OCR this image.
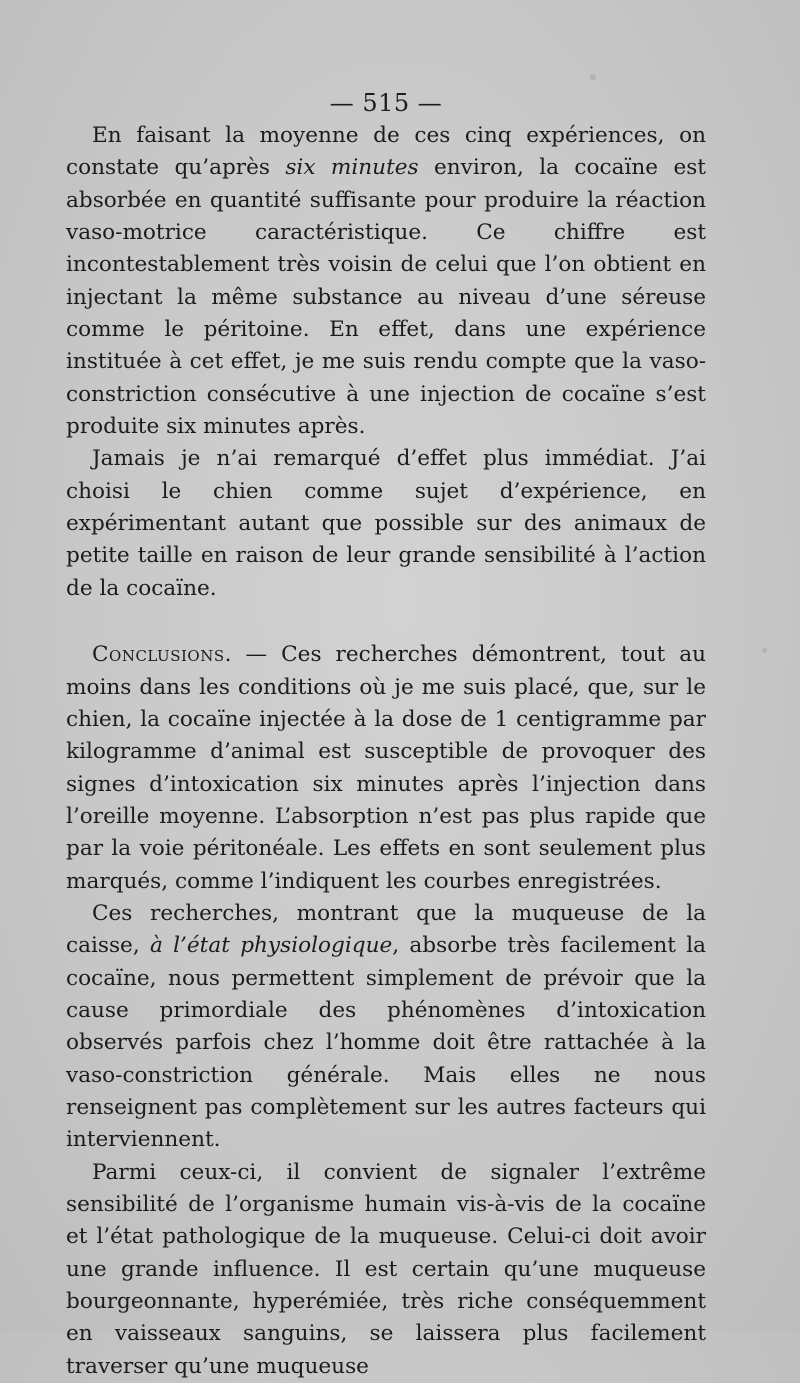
— 515 —

En faisant la moyenne de ces cinq expériences, on constate qu’après six minutes environ, la cocaïne est absorbée en quantité suffisante pour produire la réaction vaso-motrice caractéristique. Ce chiffre est incontestablement très voisin de celui que l’on obtient en injectant la même substance au niveau d’une séreuse comme le péritoine. En effet, dans une expérience instituée à cet effet, je me suis rendu compte que la vaso-constriction consécutive à une injection de cocaïne s’est produite six minutes après.

Jamais je n’ai remarqué d’effet plus immédiat. J’ai choisi le chien comme sujet d’expérience, en expérimentant autant que possible sur des animaux de petite taille en raison de leur grande sensibilité à l’action de la cocaïne.

Conclusions. — Ces recherches démontrent, tout au moins dans les conditions où je me suis placé, que, sur le chien, la cocaïne injectée à la dose de 1 centigramme par kilogramme d’animal est susceptible de provoquer des signes d’intoxication six minutes après l’injection dans l’oreille moyenne. L’absorption n’est pas plus rapide que par la voie péritonéale. Les effets en sont seulement plus marqués, comme l’indiquent les courbes enregistrées.

Ces recherches, montrant que la muqueuse de la caisse, à l’état physiologique, absorbe très facilement la cocaïne, nous permettent simplement de prévoir que la cause primordiale des phénomènes d’intoxication observés parfois chez l’homme doit être rattachée à la vaso-constriction générale. Mais elles ne nous renseignent pas complètement sur les autres facteurs qui interviennent.

Parmi ceux-ci, il convient de signaler l’extrême sensibilité de l’organisme humain vis-à-vis de la cocaïne et l’état pathologique de la muqueuse. Celui-ci doit avoir une grande influence. Il est certain qu’une muqueuse bourgeonnante, hyperémiée, très riche conséquemment en vaisseaux sanguins, se laissera plus facilement traverser qu’une muqueuse
